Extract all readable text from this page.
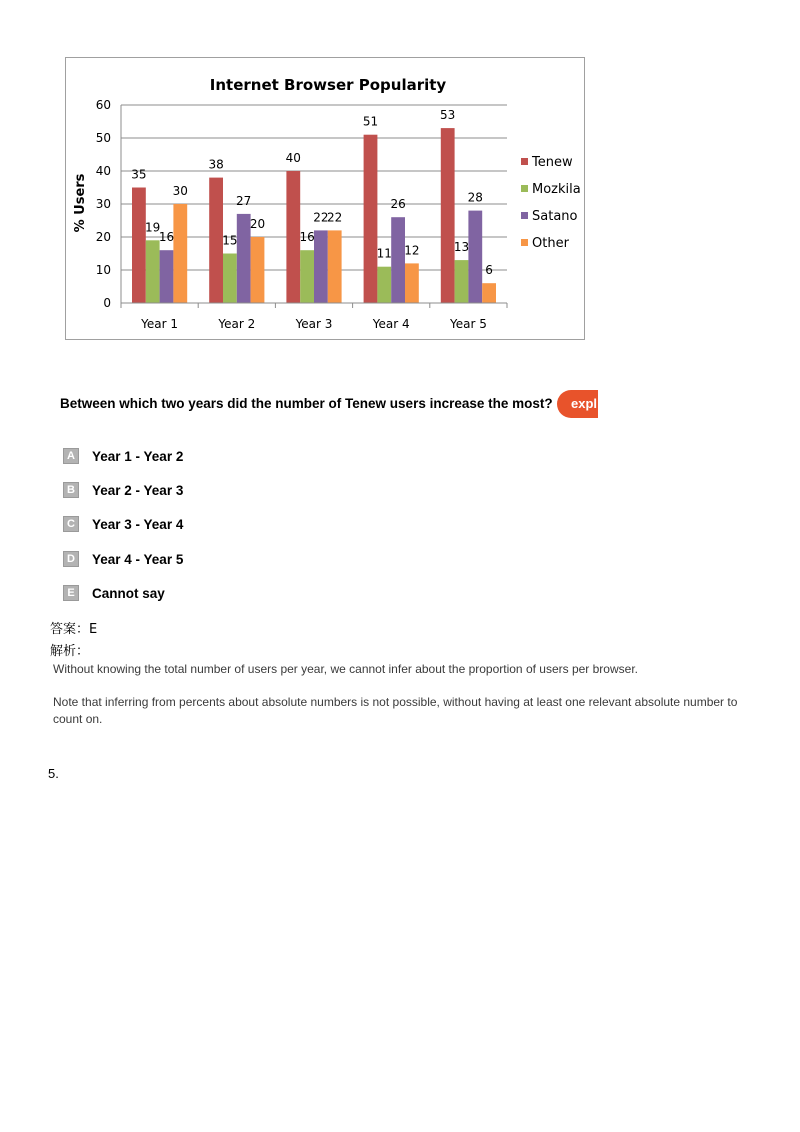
Internet Browser Popularity
% Users	35
19
16
30
38
15
27
20
40
16
22
22
51
11
26
12
53
13
28
6
0
10
20
30
40
50
60
Year 1	Year 2	Year 3	Year 4	Year 5
Tenew
Mozkila
Satano
Other
Between which two years did the number of Tenew users increase the most?	expl
A Year 1 - Year 2
B Year 2 - Year 3
C Year 3 - Year 4
D Year 4 - Year 5
E	Cannot say
答案：E
解析：
Without knowing the total number of users per year, we cannot infer about the proportion of users per browser.
Note that inferring from percents about absolute numbers is not possible, without having at least one relevant absolute number to count on.
5.
